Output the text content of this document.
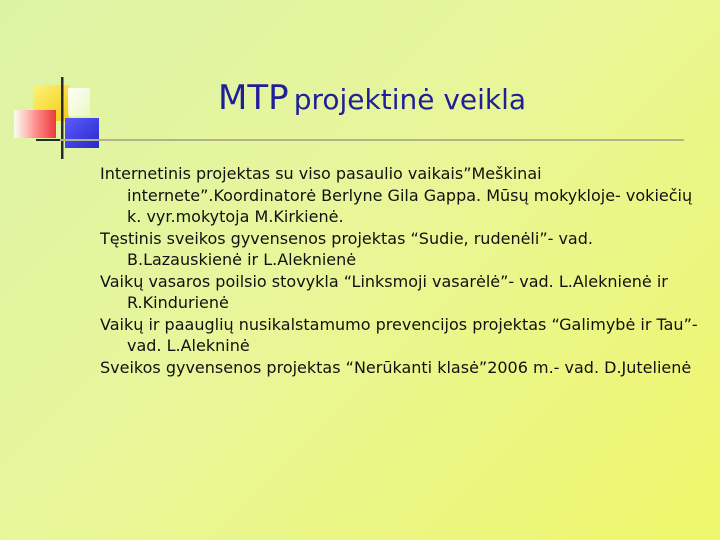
MTP projektinė veikla

Internetinis projektas su viso pasaulio vaikais”Meškinai internete”.Koordinatorė Berlyne Gila Gappa. Mūsų mokykloje- vokiečių k. vyr.mokytoja M.Kirkienė.

Tęstinis sveikos gyvensenos projektas “Sudie, rudenėli”- vad. B.Lazauskienė ir L.Aleknienė

Vaikų vasaros poilsio stovykla “Linksmoji vasarėlė”- vad. L.Aleknienė ir R.Kindurienė

Vaikų ir paauglių nusikalstamumo prevencijos projektas “Galimybė ir Tau”- vad. L.Alekninė

Sveikos gyvensenos projektas “Nerūkanti klasė”2006 m.- vad. D.Jutelienė
